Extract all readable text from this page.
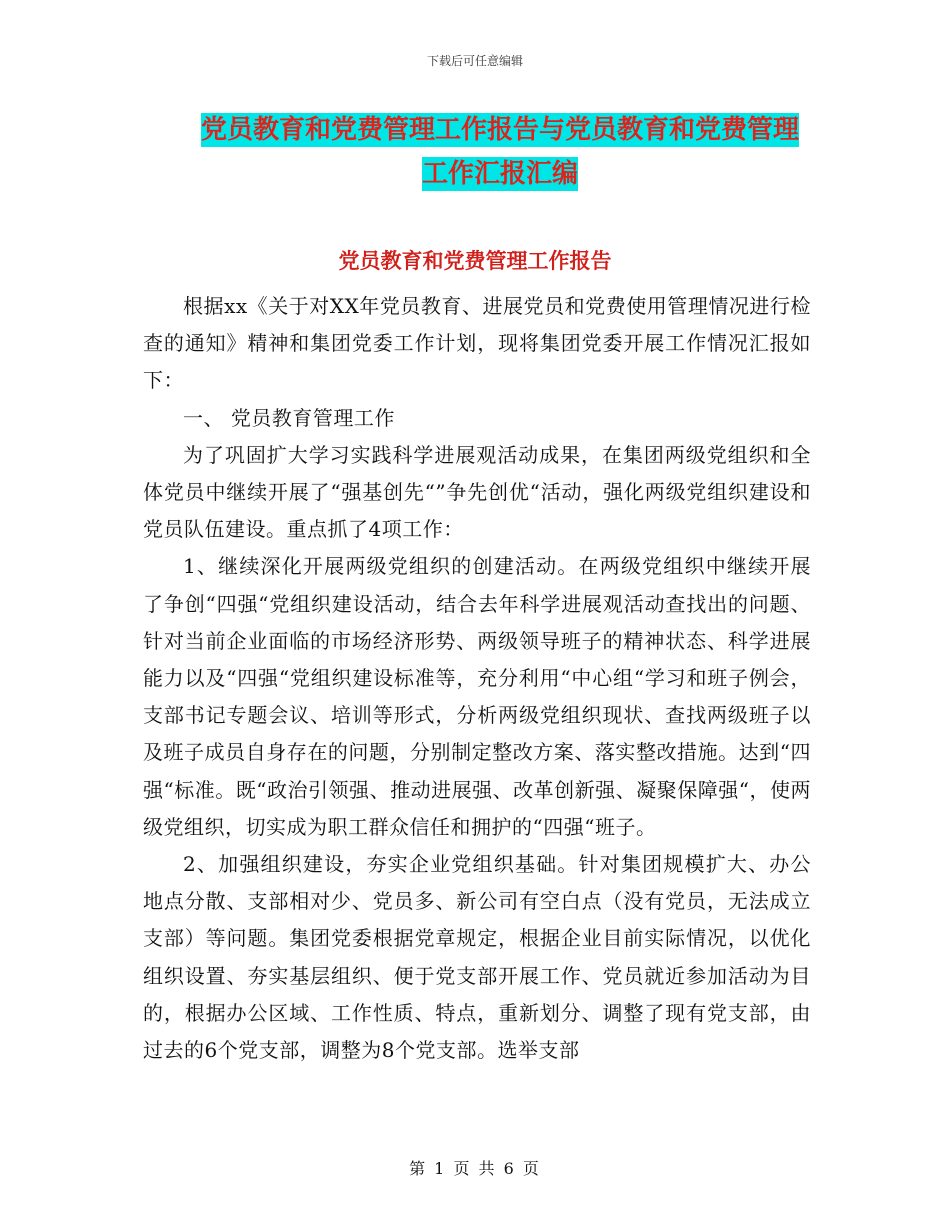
下载后可任意编辑
党员教育和党费管理工作报告与党员教育和党费管理
工作汇报汇编
党员教育和党费管理工作报告

根据xx《关于对XX年党员教育、进展党员和党费使用管理情况进行检查的通知》精神和集团党委工作计划，现将集团党委开展工作情况汇报如下：

一、 党员教育管理工作

为了巩固扩大学习实践科学进展观活动成果，在集团两级党组织和全体党员中继续开展了“强基创先“”争先创优“活动，强化两级党组织建设和党员队伍建设。重点抓了4项工作：

1、继续深化开展两级党组织的创建活动。在两级党组织中继续开展了争创“四强“党组织建设活动，结合去年科学进展观活动查找出的问题、针对当前企业面临的市场经济形势、两级领导班子的精神状态、科学进展能力以及“四强“党组织建设标准等，充分利用“中心组“学习和班子例会，支部书记专题会议、培训等形式，分析两级党组织现状、查找两级班子以及班子成员自身存在的问题，分别制定整改方案、落实整改措施。达到“四强“标准。既“政治引领强、推动进展强、改革创新强、凝聚保障强“，使两级党组织，切实成为职工群众信任和拥护的“四强“班子。

2、加强组织建设，夯实企业党组织基础。针对集团规模扩大、办公地点分散、支部相对少、党员多、新公司有空白点（没有党员，无法成立支部）等问题。集团党委根据党章规定，根据企业目前实际情况，以优化组织设置、夯实基层组织、便于党支部开展工作、党员就近参加活动为目的，根据办公区域、工作性质、特点，重新划分、调整了现有党支部，由过去的6个党支部，调整为8个党支部。选举支部

第 1 页 共 6 页
